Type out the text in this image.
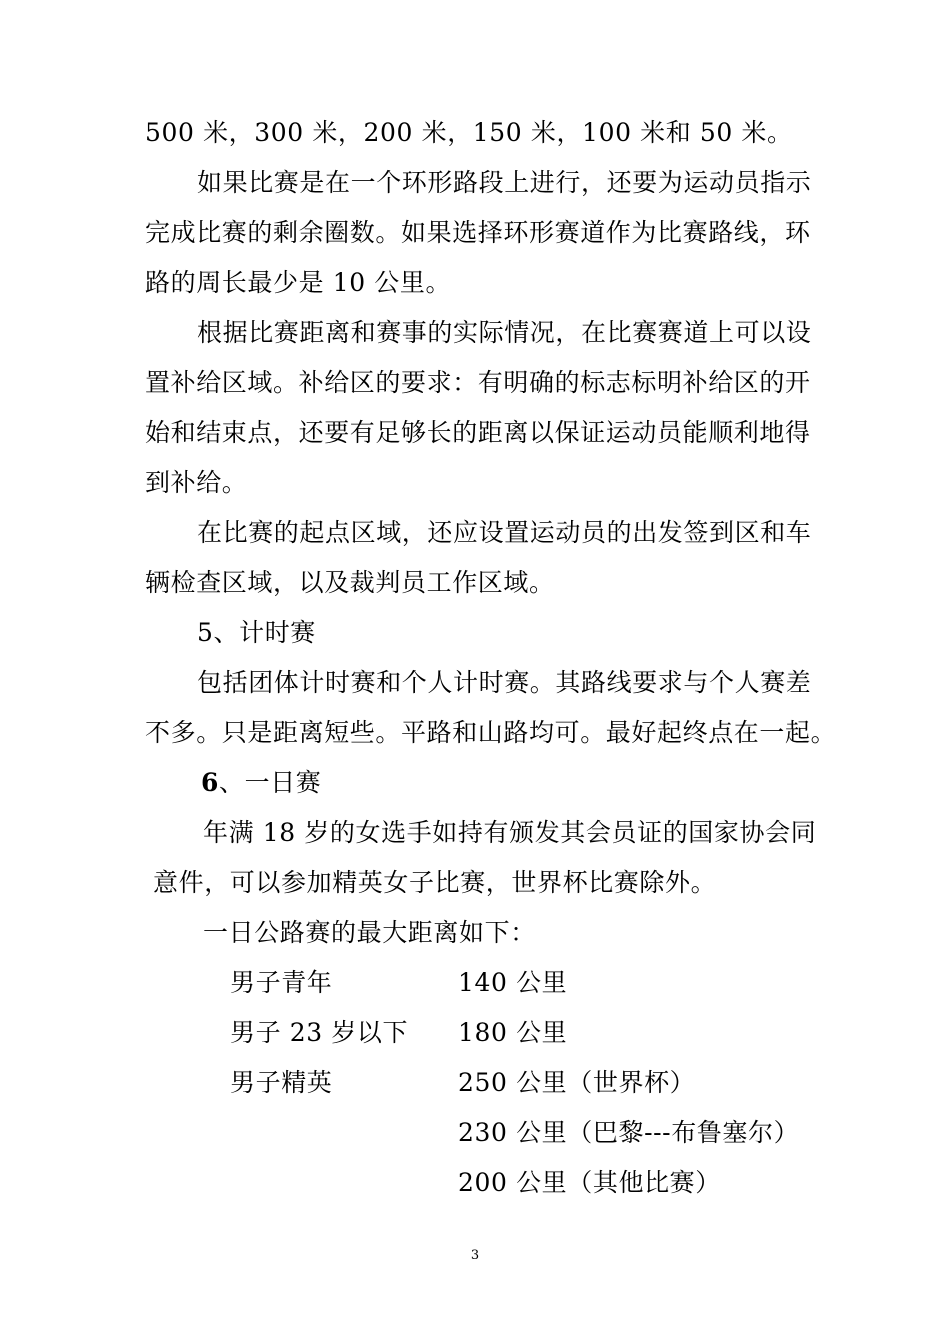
500 米，300 米，200 米，150 米，100 米和 50 米。
如果比赛是在一个环形路段上进行，还要为运动员指示
完成比赛的剩余圈数。如果选择环形赛道作为比赛路线，环
路的周长最少是 10 公里。
根据比赛距离和赛事的实际情况，在比赛赛道上可以设
置补给区域。补给区的要求：有明确的标志标明补给区的开
始和结束点，还要有足够长的距离以保证运动员能顺利地得
到补给。
在比赛的起点区域，还应设置运动员的出发签到区和车
辆检查区域，以及裁判员工作区域。
5、计时赛
包括团体计时赛和个人计时赛。其路线要求与个人赛差
不多。只是距离短些。平路和山路均可。最好起终点在一起。
6、一日赛
年满 18 岁的女选手如持有颁发其会员证的国家协会同
意件，可以参加精英女子比赛，世界杯比赛除外。
一日公路赛的最大距离如下：
男子青年	140 公里
男子 23 岁以下 180 公里
男子精英	250 公里（世界杯）
230 公里（巴黎---布鲁塞尔）
200 公里（其他比赛）
3
